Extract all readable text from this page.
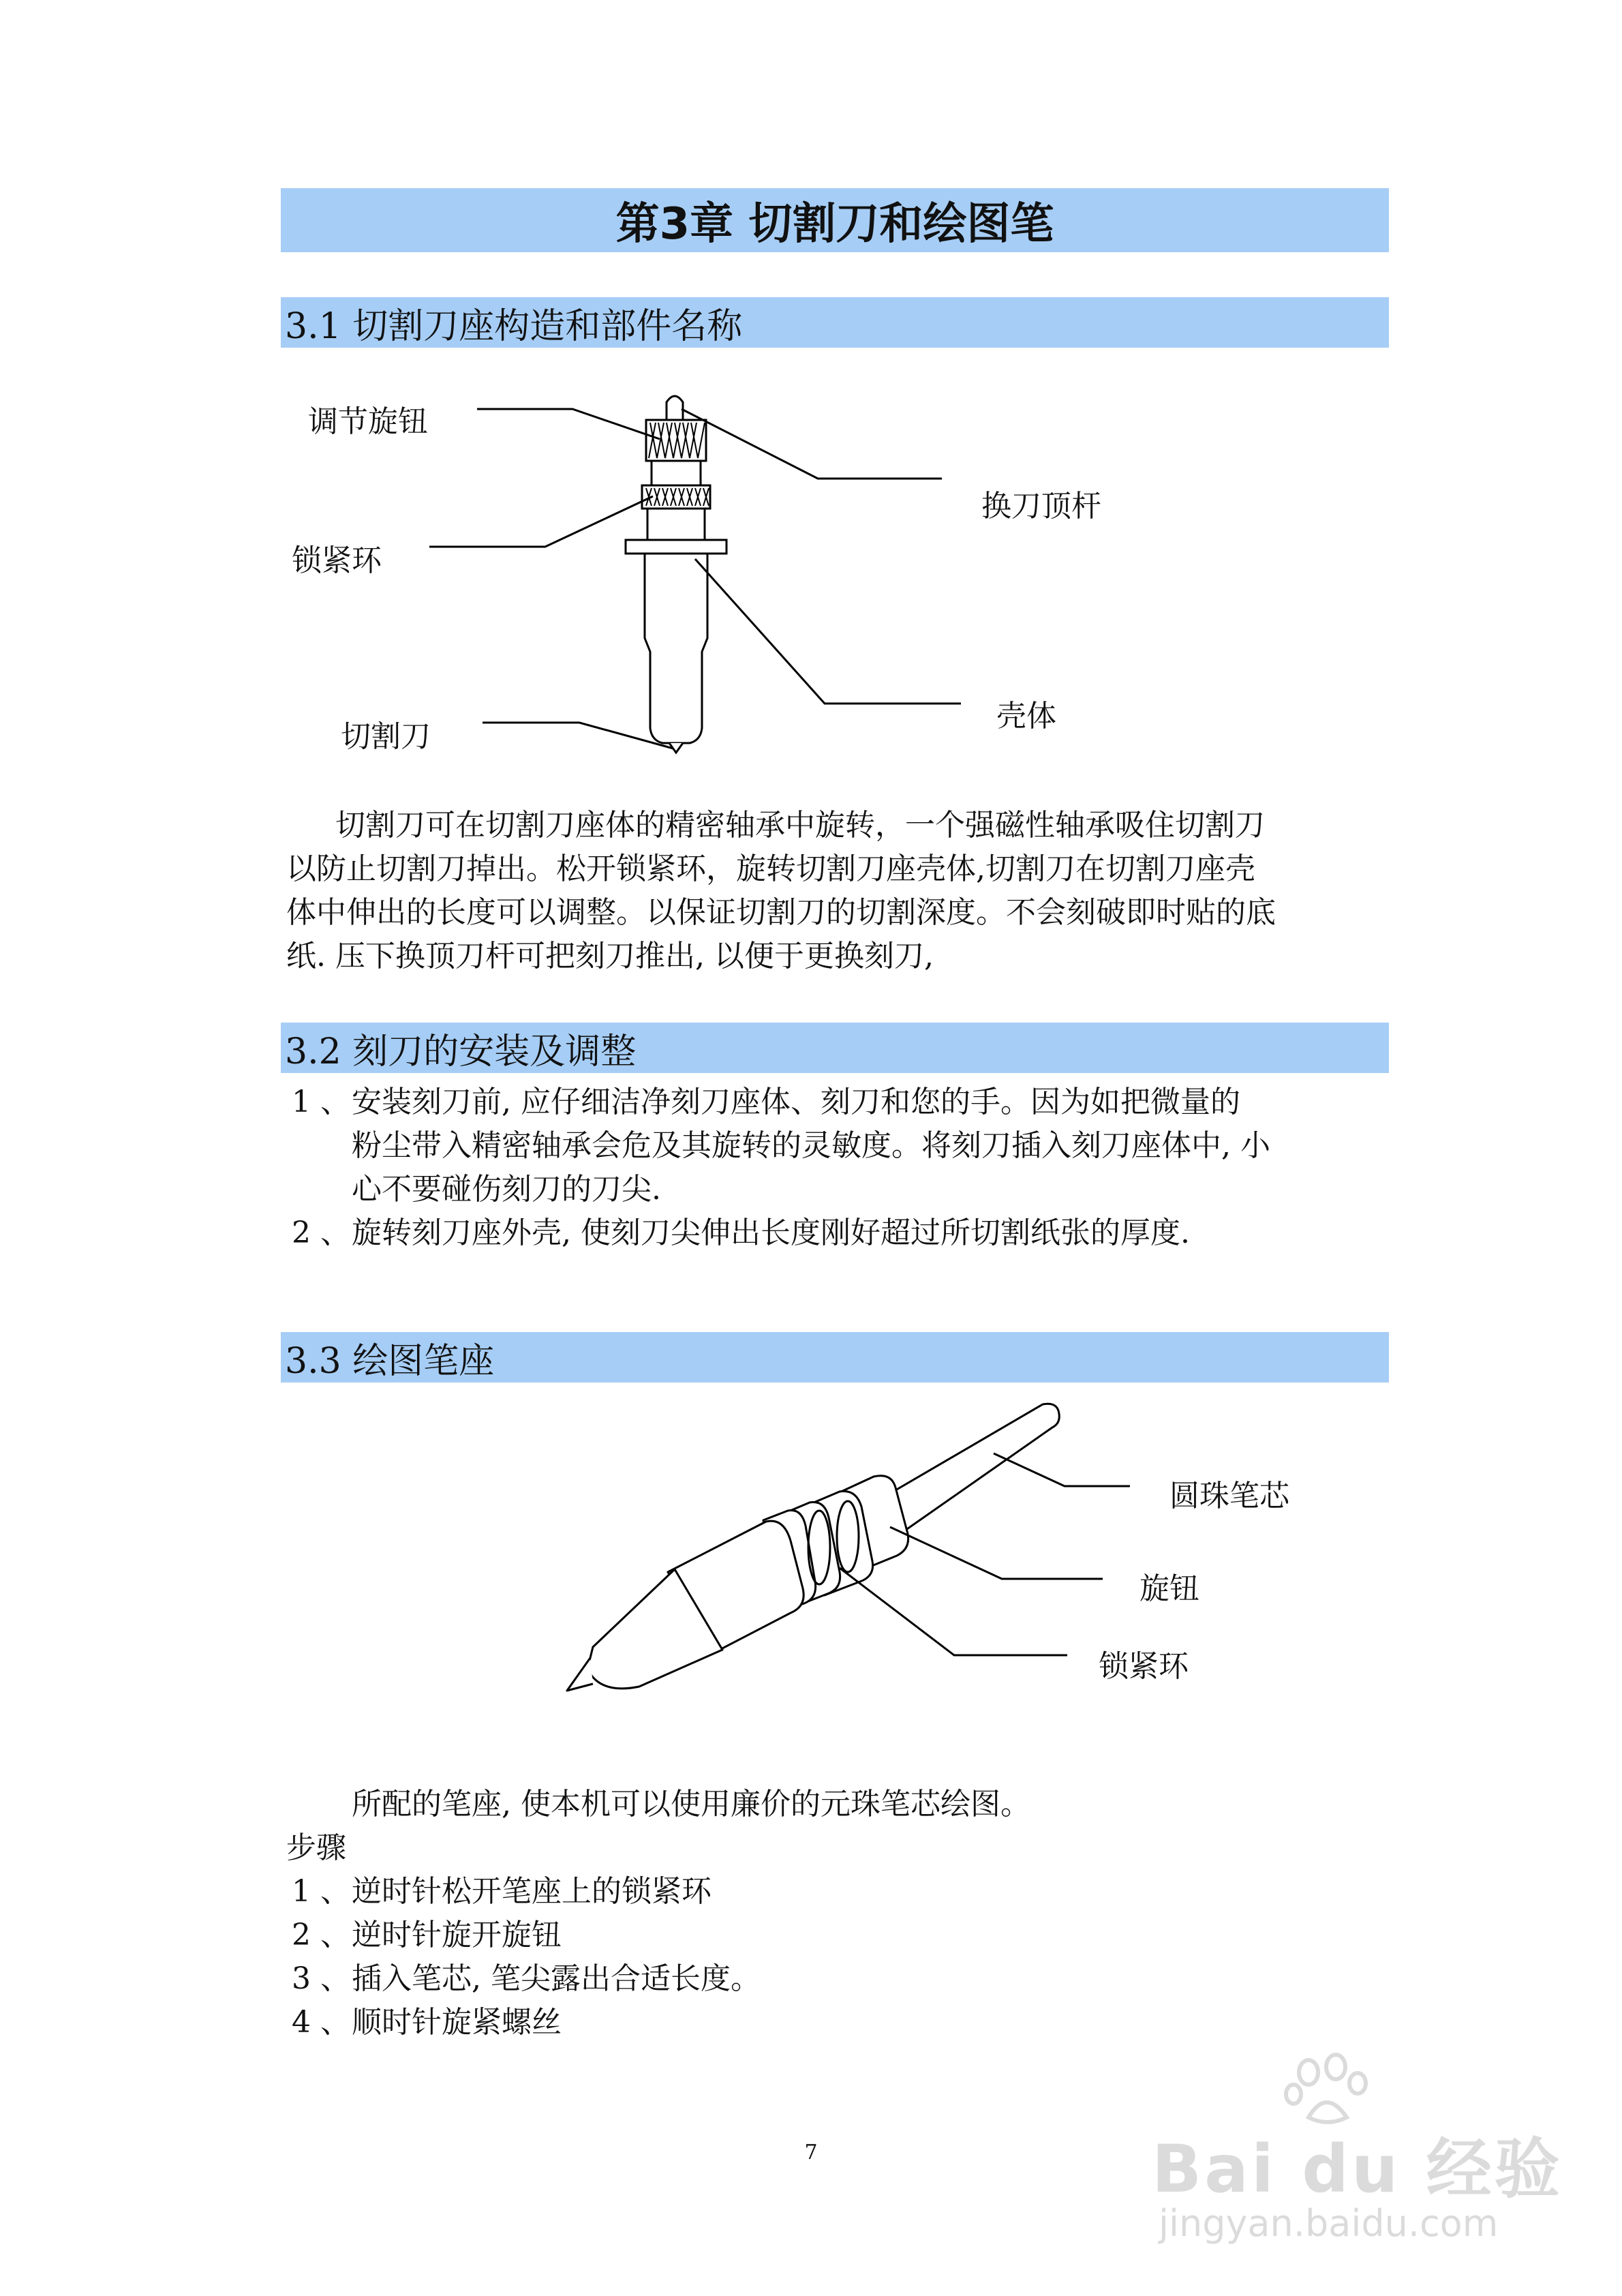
第3章 切割刀和绘图笔
3.1 切割刀座构造和部件名称
调节旋钮
换刀顶杆
锁紧环
壳体
切割刀
切割刀可在切割刀座体的精密轴承中旋转，一个强磁性轴承吸住切割刀
以防止切割刀掉出。松开锁紧环，旋转切割刀座壳体,切割刀在切割刀座壳
体中伸出的长度可以调整。以保证切割刀的切割深度。不会刻破即时贴的底
纸. 压下换顶刀杆可把刻刀推出, 以便于更换刻刀,
3.2 刻刀的安装及调整
1 、 安装刻刀前, 应仔细洁净刻刀座体、刻刀和您的手。因为如把微量的
粉尘带入精密轴承会危及其旋转的灵敏度。将刻刀插入刻刀座体中, 小
心不要碰伤刻刀的刀尖.
2 、 旋转刻刀座外壳, 使刻刀尖伸出长度刚好超过所切割纸张的厚度.
3.3 绘图笔座
圆珠笔芯
旋钮
锁紧环
所配的笔座, 使本机可以使用廉价的元珠笔芯绘图。
步骤
1 、 逆时针松开笔座上的锁紧环
2 、 逆时针旋开旋钮
3 、 插入笔芯, 笔尖露出合适长度。
4 、 顺时针旋紧螺丝
7	Bai du 经验
jingyan.baidu.com
